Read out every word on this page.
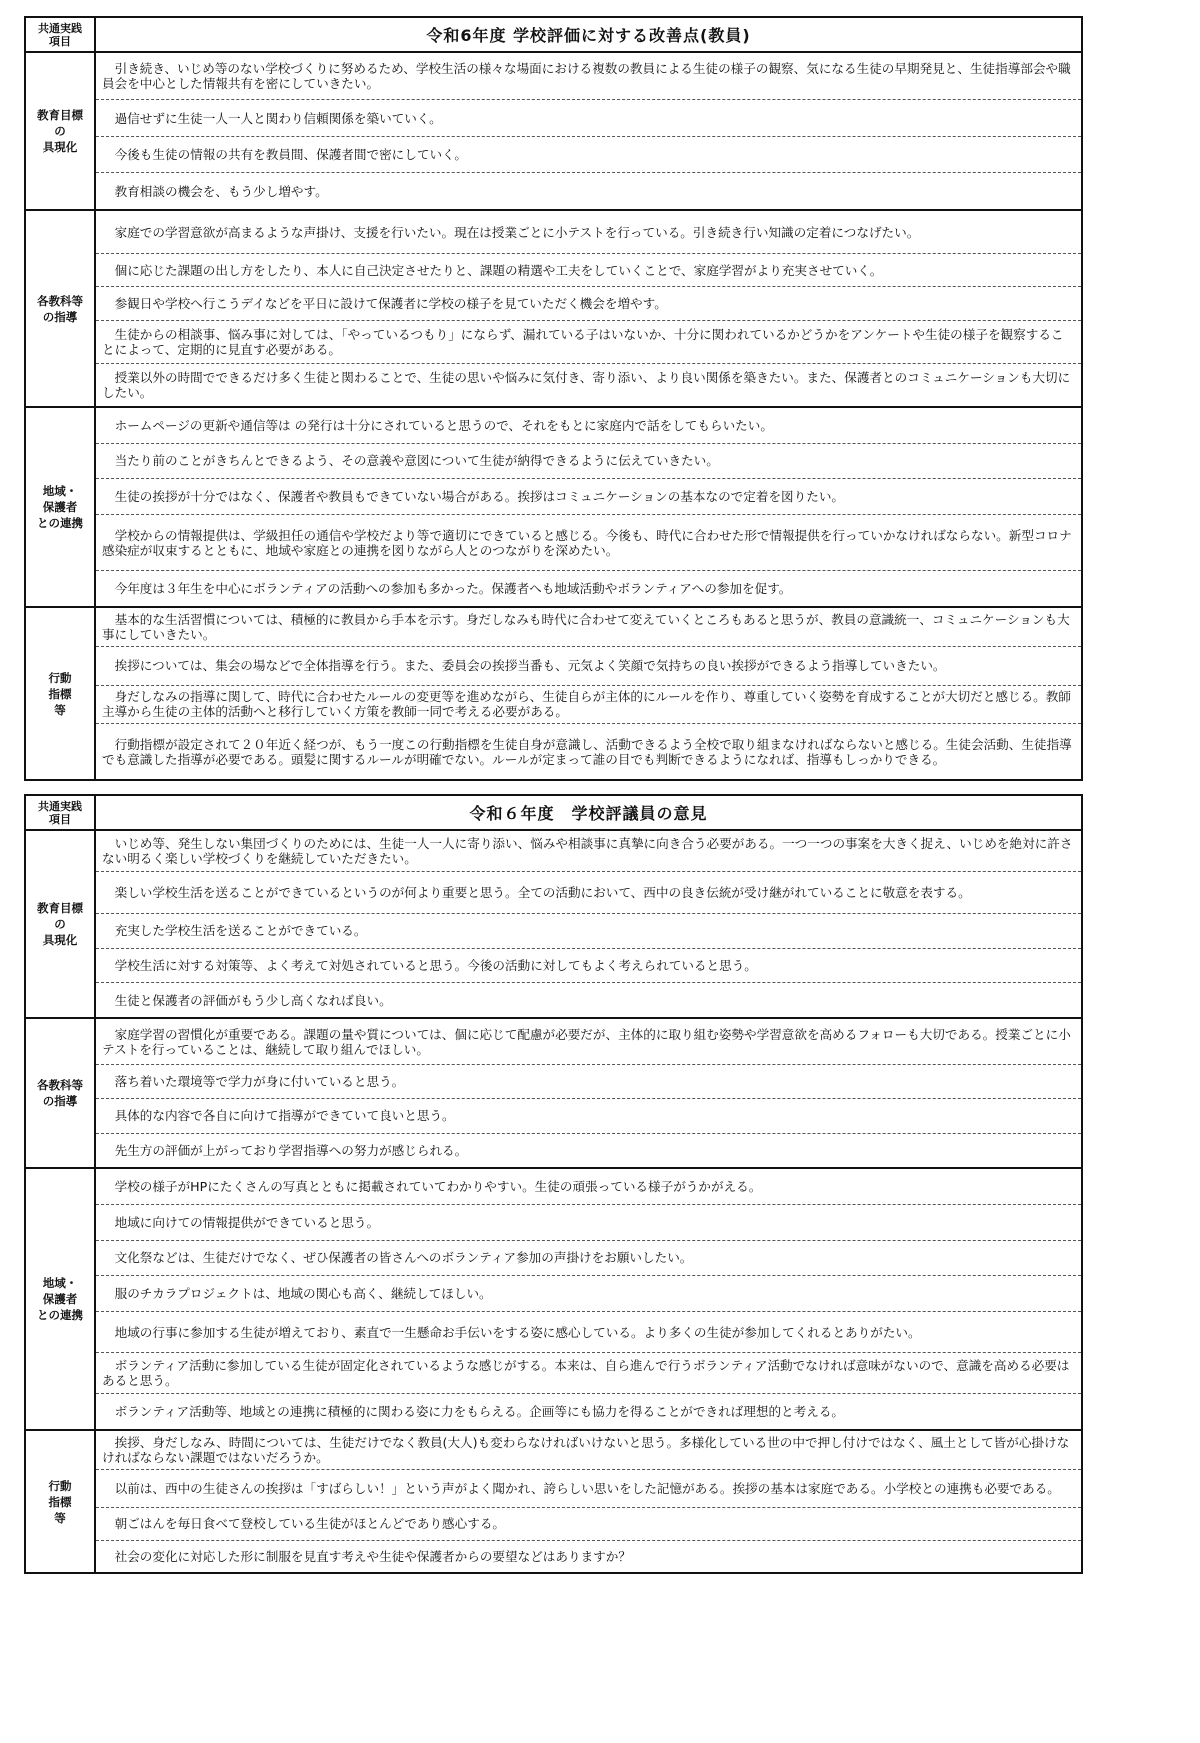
共通実践
項目	令和6年度 学校評価に対する改善点(教員)
教育目標
の
具現化
　引き続き、いじめ等のない学校づくりに努めるため、学校生活の様々な場面における複数の教員による生徒の様子の観察、気になる生徒の早期発見と、生徒指導部会や職員会を中心とした情報共有を密にしていきたい。
　過信せずに生徒一人一人と関わり信頼関係を築いていく。
　今後も生徒の情報の共有を教員間、保護者間で密にしていく。
　教育相談の機会を、もう少し増やす。
各教科等
の指導
　家庭での学習意欲が高まるような声掛け、支援を行いたい。現在は授業ごとに小テストを行っている。引き続き行い知識の定着につなげたい。
　個に応じた課題の出し方をしたり、本人に自己決定させたりと、課題の精選や工夫をしていくことで、家庭学習がより充実させていく。
　参観日や学校へ行こうデイなどを平日に設けて保護者に学校の様子を見ていただく機会を増やす。
　生徒からの相談事、悩み事に対しては、「やっているつもり」にならず、漏れている子はいないか、十分に関われているかどうかをアンケートや生徒の様子を観察することによって、定期的に見直す必要がある。
　授業以外の時間でできるだけ多く生徒と関わることで、生徒の思いや悩みに気付き、寄り添い、より良い関係を築きたい。また、保護者とのコミュニケーションも大切にしたい。
地域・
保護者
との連携
　ホームページの更新や通信等は の発行は十分にされていると思うので、それをもとに家庭内で話をしてもらいたい。
　当たり前のことがきちんとできるよう、その意義や意図について生徒が納得できるように伝えていきたい。
　生徒の挨拶が十分ではなく、保護者や教員もできていない場合がある。挨拶はコミュニケーションの基本なので定着を図りたい。
　学校からの情報提供は、学級担任の通信や学校だより等で適切にできていると感じる。今後も、時代に合わせた形で情報提供を行っていかなければならない。新型コロナ感染症が収束するとともに、地域や家庭との連携を図りながら人とのつながりを深めたい。
　今年度は３年生を中心にボランティアの活動への参加も多かった。保護者へも地域活動やボランティアへの参加を促す。
行動
指標
等
　基本的な生活習慣については、積極的に教員から手本を示す。身だしなみも時代に合わせて変えていくところもあると思うが、教員の意識統一、コミュニケーションも大事にしていきたい。
　挨拶については、集会の場などで全体指導を行う。また、委員会の挨拶当番も、元気よく笑顔で気持ちの良い挨拶ができるよう指導していきたい。
　身だしなみの指導に関して、時代に合わせたルールの変更等を進めながら、生徒自らが主体的にルールを作り、尊重していく姿勢を育成することが大切だと感じる。教師主導から生徒の主体的活動へと移行していく方策を教師一同で考える必要がある。
　行動指標が設定されて２０年近く経つが、もう一度この行動指標を生徒自身が意識し、活動できるよう全校で取り組まなければならないと感じる。生徒会活動、生徒指導でも意識した指導が必要である。頭髪に関するルールが明確でない。ルールが定まって誰の目でも判断できるようになれば、指導もしっかりできる。
共通実践
項目	令和６年度　学校評議員の意見
教育目標
の
具現化
　いじめ等、発生しない集団づくりのためには、生徒一人一人に寄り添い、悩みや相談事に真摯に向き合う必要がある。一つ一つの事案を大きく捉え、いじめを絶対に許さない明るく楽しい学校づくりを継続していただきたい。
　楽しい学校生活を送ることができているというのが何より重要と思う。全ての活動において、西中の良き伝統が受け継がれていることに敬意を表する。
　充実した学校生活を送ることができている。
　学校生活に対する対策等、よく考えて対処されていると思う。今後の活動に対してもよく考えられていると思う。
　生徒と保護者の評価がもう少し高くなれば良い。
各教科等
の指導
　家庭学習の習慣化が重要である。課題の量や質については、個に応じて配慮が必要だが、主体的に取り組む姿勢や学習意欲を高めるフォローも大切である。授業ごとに小テストを行っていることは、継続して取り組んでほしい。
　落ち着いた環境等で学力が身に付いていると思う。
　具体的な内容で各自に向けて指導ができていて良いと思う。
　先生方の評価が上がっており学習指導への努力が感じられる。
地域・
保護者
との連携
　学校の様子がHPにたくさんの写真とともに掲載されていてわかりやすい。生徒の頑張っている様子がうかがえる。
　地域に向けての情報提供ができていると思う。
　文化祭などは、生徒だけでなく、ぜひ保護者の皆さんへのボランティア参加の声掛けをお願いしたい。
　服のチカラプロジェクトは、地域の関心も高く、継続してほしい。
　地域の行事に参加する生徒が増えており、素直で一生懸命お手伝いをする姿に感心している。より多くの生徒が参加してくれるとありがたい。
　ボランティア活動に参加している生徒が固定化されているような感じがする。本来は、自ら進んで行うボランティア活動でなければ意味がないので、意識を高める必要はあると思う。
　ボランティア活動等、地域との連携に積極的に関わる姿に力をもらえる。企画等にも協力を得ることができれば理想的と考える。
行動
指標
等
　挨拶、身だしなみ、時間については、生徒だけでなく教員(大人)も変わらなければいけないと思う。多様化している世の中で押し付けではなく、風土として皆が心掛けなければならない課題ではないだろうか。
　以前は、西中の生徒さんの挨拶は「すばらしい！」という声がよく聞かれ、誇らしい思いをした記憶がある。挨拶の基本は家庭である。小学校との連携も必要である。
　朝ごはんを毎日食べて登校している生徒がほとんどであり感心する。
　社会の変化に対応した形に制服を見直す考えや生徒や保護者からの要望などはありますか？
